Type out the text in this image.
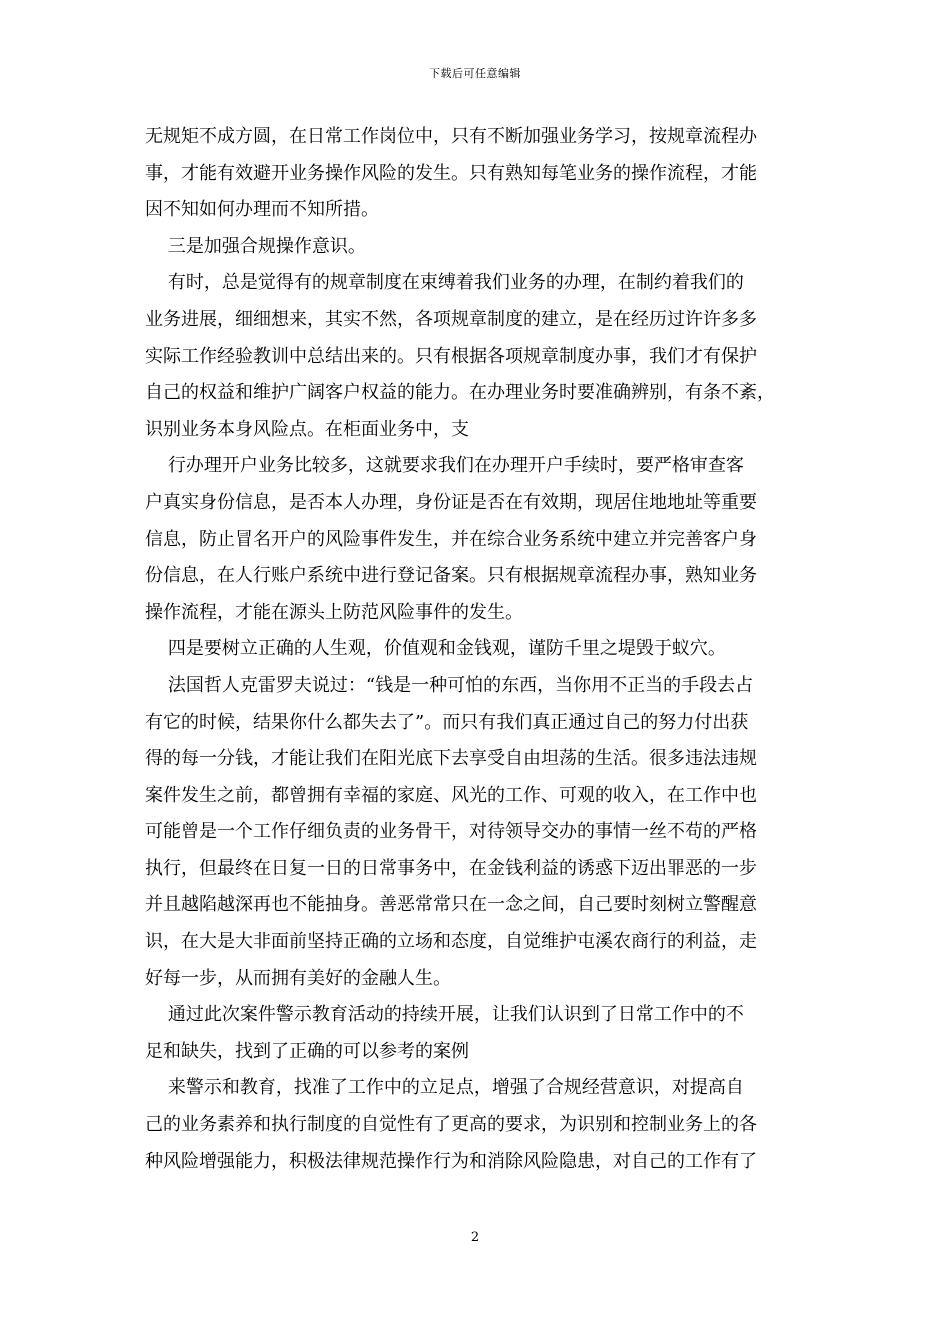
下载后可任意编辑
无规矩不成方圆，在日常工作岗位中，只有不断加强业务学习，按规章流程办
事，才能有效避开业务操作风险的发生。只有熟知每笔业务的操作流程，才能
因不知如何办理而不知所措。
三是加强合规操作意识。
有时，总是觉得有的规章制度在束缚着我们业务的办理，在制约着我们的
业务进展，细细想来，其实不然，各项规章制度的建立，是在经历过许许多多
实际工作经验教训中总结出来的。只有根据各项规章制度办事，我们才有保护
自己的权益和维护广阔客户权益的能力。在办理业务时要准确辨别，有条不紊，
识别业务本身风险点。在柜面业务中，支
行办理开户业务比较多，这就要求我们在办理开户手续时，要严格审查客
户真实身份信息，是否本人办理，身份证是否在有效期，现居住地地址等重要
信息，防止冒名开户的风险事件发生，并在综合业务系统中建立并完善客户身
份信息，在人行账户系统中进行登记备案。只有根据规章流程办事，熟知业务
操作流程，才能在源头上防范风险事件的发生。
四是要树立正确的人生观，价值观和金钱观，谨防千里之堤毁于蚁穴。
法国哲人克雷罗夫说过：“钱是一种可怕的东西，当你用不正当的手段去占
有它的时候，结果你什么都失去了”。而只有我们真正通过自己的努力付出获
得的每一分钱，才能让我们在阳光底下去享受自由坦荡的生活。很多违法违规
案件发生之前，都曾拥有幸福的家庭、风光的工作、可观的收入，在工作中也
可能曾是一个工作仔细负责的业务骨干，对待领导交办的事情一丝不苟的严格
执行，但最终在日复一日的日常事务中，在金钱利益的诱惑下迈出罪恶的一步
并且越陷越深再也不能抽身。善恶常常只在一念之间，自己要时刻树立警醒意
识，在大是大非面前坚持正确的立场和态度，自觉维护屯溪农商行的利益，走
好每一步，从而拥有美好的金融人生。
通过此次案件警示教育活动的持续开展，让我们认识到了日常工作中的不
足和缺失，找到了正确的可以参考的案例
来警示和教育，找准了工作中的立足点，增强了合规经营意识，对提高自
己的业务素养和执行制度的自觉性有了更高的要求，为识别和控制业务上的各
种风险增强能力，积极法律规范操作行为和消除风险隐患，对自己的工作有了
2
